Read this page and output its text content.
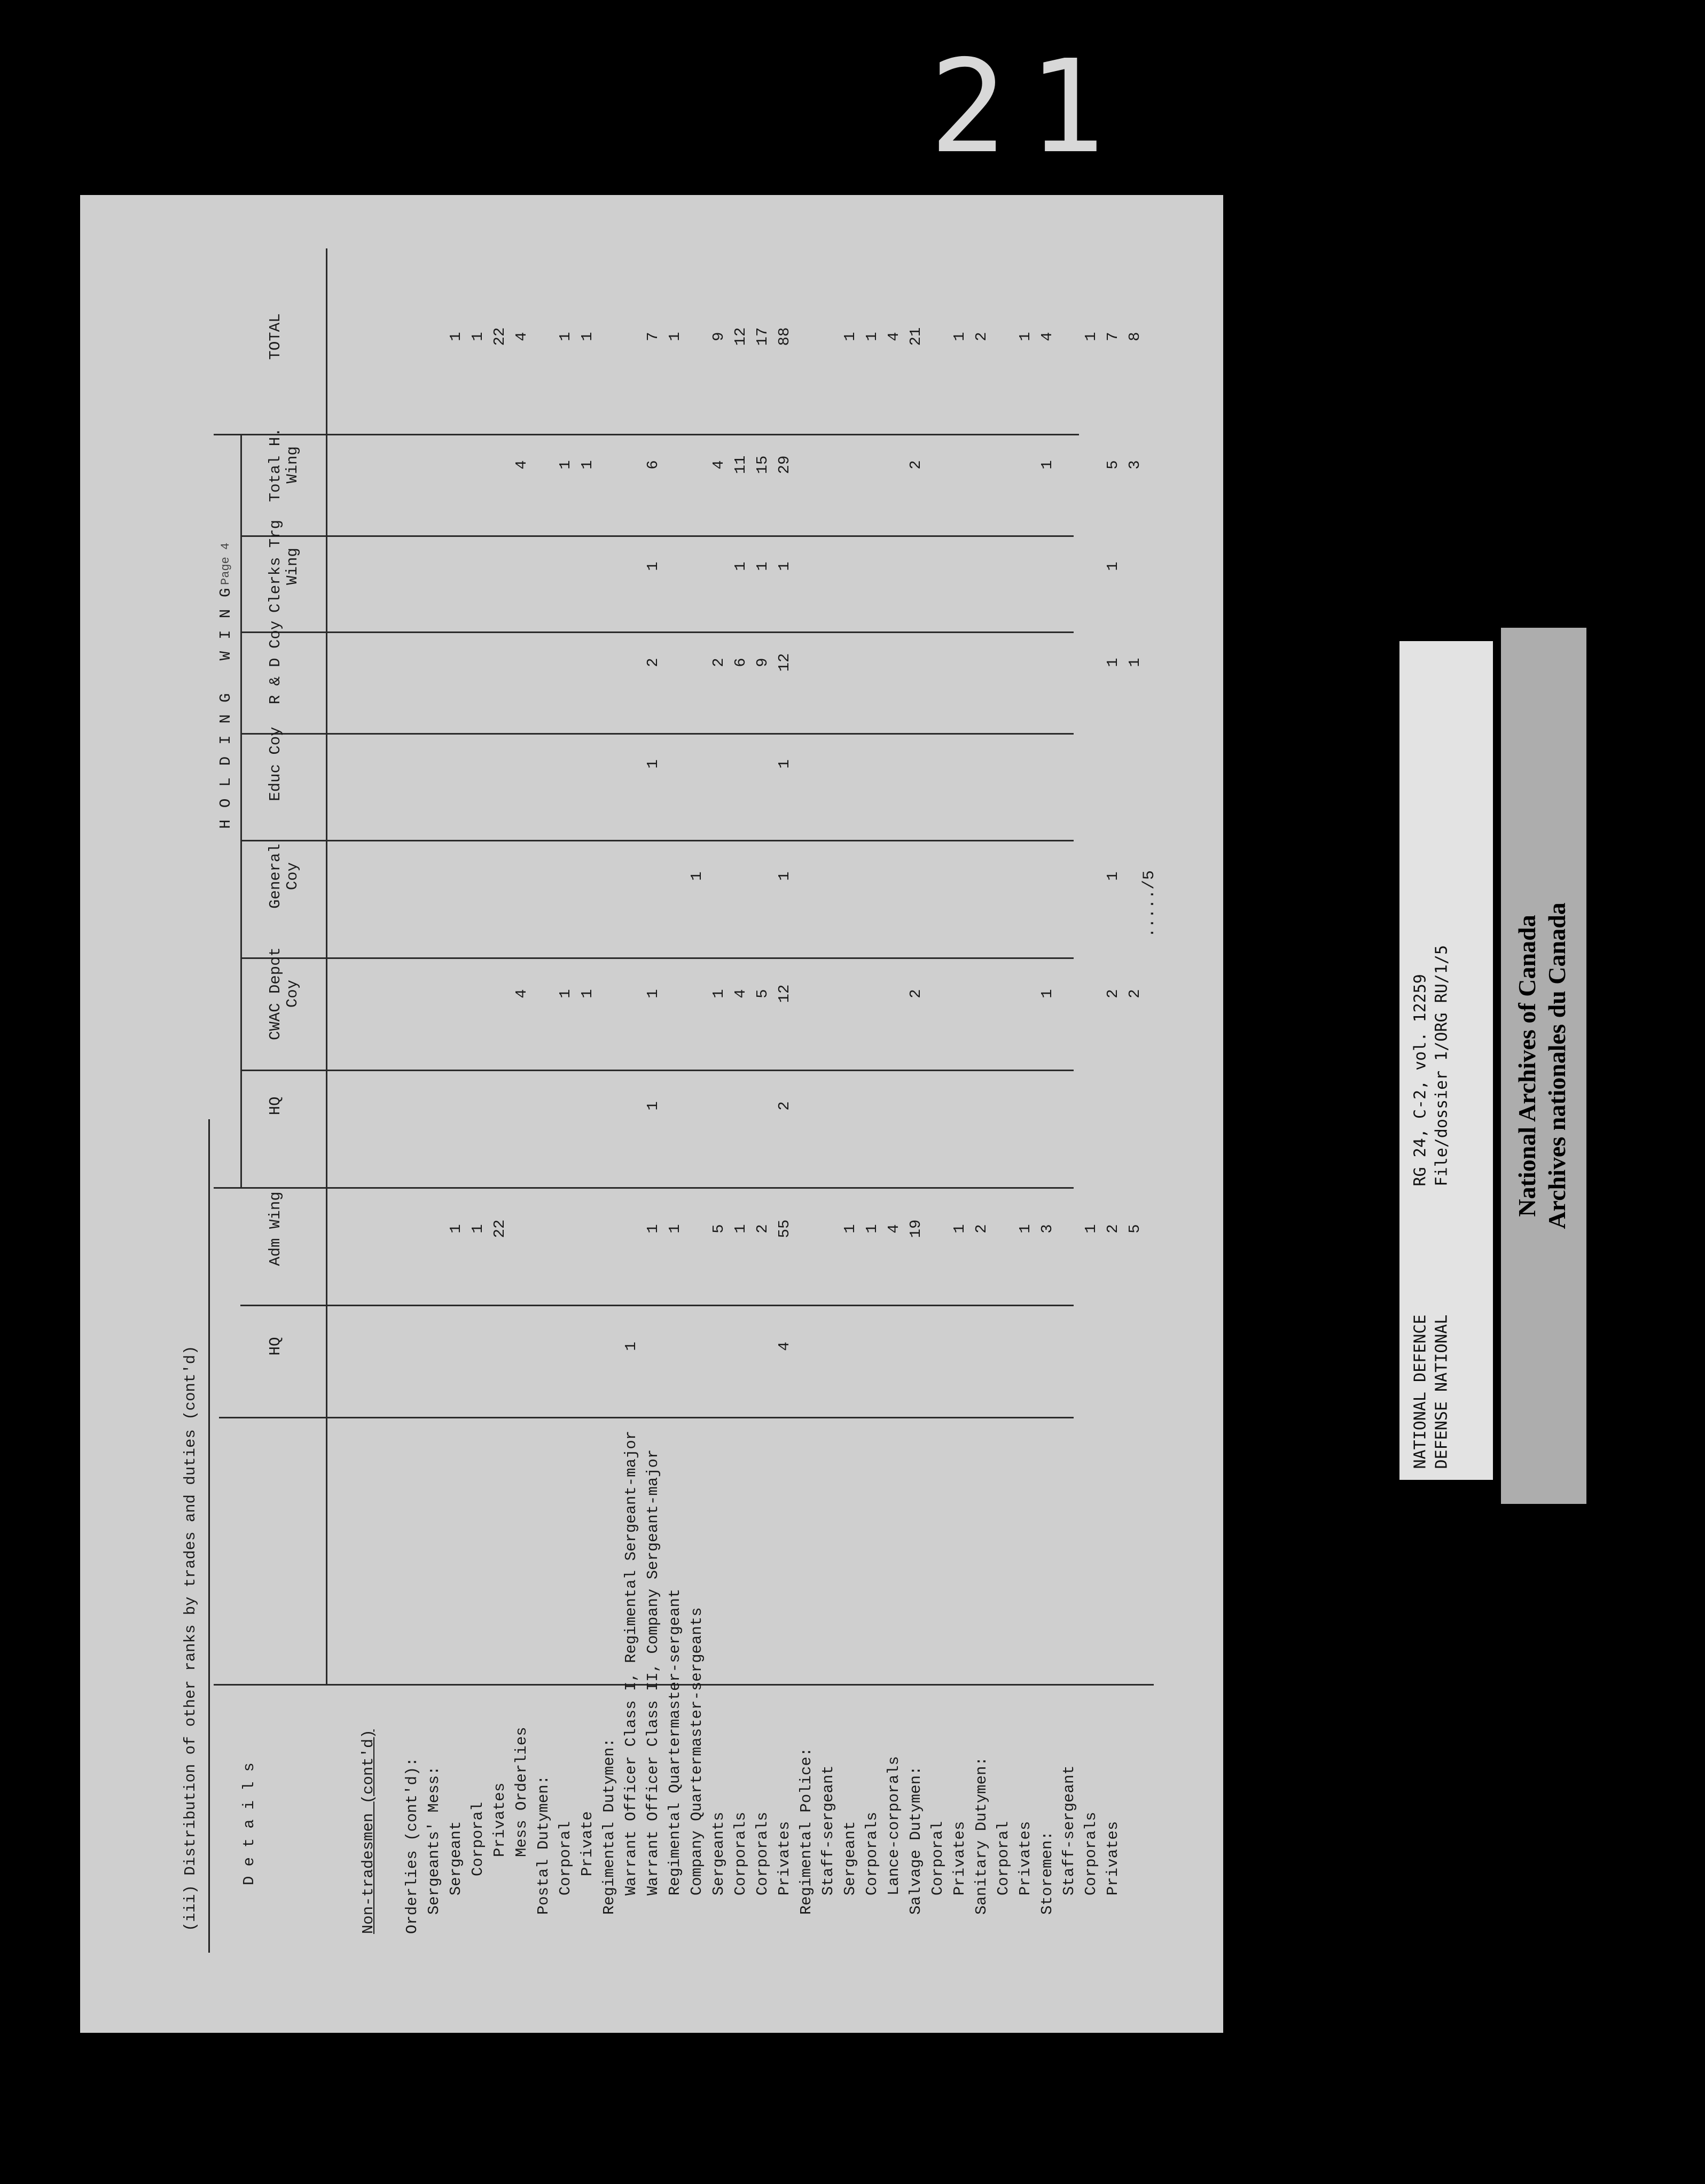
21
(iii) Distribution of other ranks by trades and duties (cont'd)
Page 4
Details
HOLDING WING
HQ
Adm Wing
HQ
CWAC Depot Coy
General Coy
Educ Coy
R & D Coy
Clerks Trg Wing
Total H. Wing
TOTAL
Non-tradesmen (cont'd) Orderlies (cont'd): Sergeants' Mess: Sergeant
1
1
Corporal
1
1
Privates
22
22
Mess Orderlies
4
4
4
Postal Dutymen: Corporal
1
1
1
Private
1
1
1
Regimental Dutymen: Warrant Officer Class I, Regimental Sergeant-major
1
Warrant Officer Class II, Company Sergeant-major
1
1
1
1
2
1
6
7
Regimental Quartermaster-sergeant
1
1
Company Quartermaster-sergeants
1
Sergeants
5
1
2
4
9
Corporals
1
4
6
1
11
12
Corporals
2
5
9
1
15
17
Privates
4
55
2
12
1
1
12
1
29
88
Regimental Police: Staff-sergeant Sergeant
1
1
Corporals
1
1
Lance-corporals
4
4
Salvage Dutymen:
19
2
2
21
Corporal Privates
1
1
Sanitary Dutymen:
2
2
Corporal Privates
1
1
Storemen:
3
1
1
4
Staff-sergeant Corporals
1
1
Privates
2
2
1
1
1
5
7
5
2
1
3
8
...../5
NATIONAL DEFENCERG 24, C-2, vol. 12259
DEFENSE NATIONALFile/dossier 1/ORG RU/1/5	National Archives of Canada Archives nationales du Canada
